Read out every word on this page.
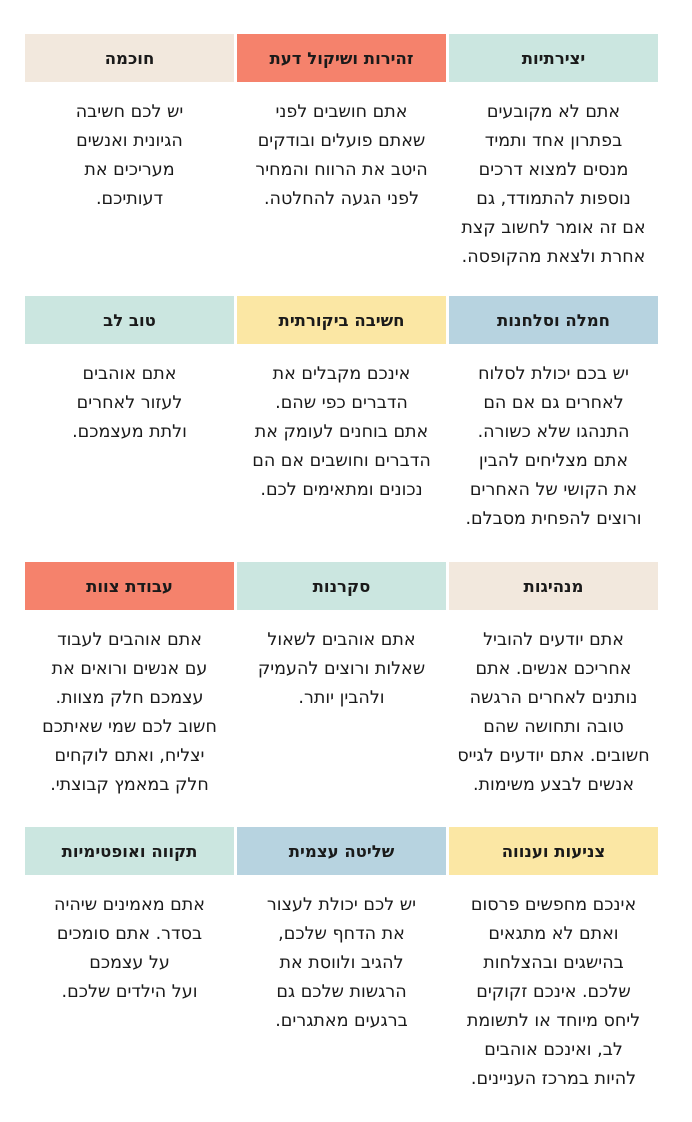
יצירתיות
אתם לא מקובעים
בפתרון אחד ותמיד
מנסים למצוא דרכים
נוספות להתמודד, גם
אם זה אומר לחשוב קצת
אחרת ולצאת מהקופסה.
זהירות ושיקול דעת
אתם חושבים לפני
שאתם פועלים ובודקים
היטב את הרווח והמחיר
לפני הגעה להחלטה.
חוכמה
יש לכם חשיבה
הגיונית ואנשים
מעריכים את
דעותיכם.
חמלה וסלחנות
יש בכם יכולת לסלוח
לאחרים גם אם הם
התנהגו שלא כשורה.
אתם מצליחים להבין
את הקושי של האחרים
ורוצים להפחית מסבלם.
חשיבה ביקורתית
אינכם מקבלים את
הדברים כפי שהם.
אתם בוחנים לעומק את
הדברים וחושבים אם הם
נכונים ומתאימים לכם.
טוב לב
אתם אוהבים
לעזור לאחרים
ולתת מעצמכם.
מנהיגות
אתם יודעים להוביל
אחריכם אנשים. אתם
נותנים לאחרים הרגשה
טובה ותחושה שהם
חשובים. אתם יודעים לגייס
אנשים לבצע משימות.
סקרנות
אתם אוהבים לשאול
שאלות ורוצים להעמיק
ולהבין יותר.
עבודת צוות
אתם אוהבים לעבוד
עם אנשים ורואים את
עצמכם חלק מצוות.
חשוב לכם שמי שאיתכם
יצליח, ואתם לוקחים
חלק במאמץ קבוצתי.
צניעות וענווה
אינכם מחפשים פרסום
ואתם לא מתגאים
בהישגים ובהצלחות
שלכם. אינכם זקוקים
ליחס מיוחד או לתשומת
לב, ואינכם אוהבים
להיות במרכז העניינים.
שליטה עצמית
יש לכם יכולת לעצור
את הדחף שלכם,
להגיב ולווסת את
הרגשות שלכם גם
ברגעים מאתגרים.
תקווה ואופטימיות
אתם מאמינים שיהיה
בסדר. אתם סומכים
על עצמכם
ועל הילדים שלכם.
